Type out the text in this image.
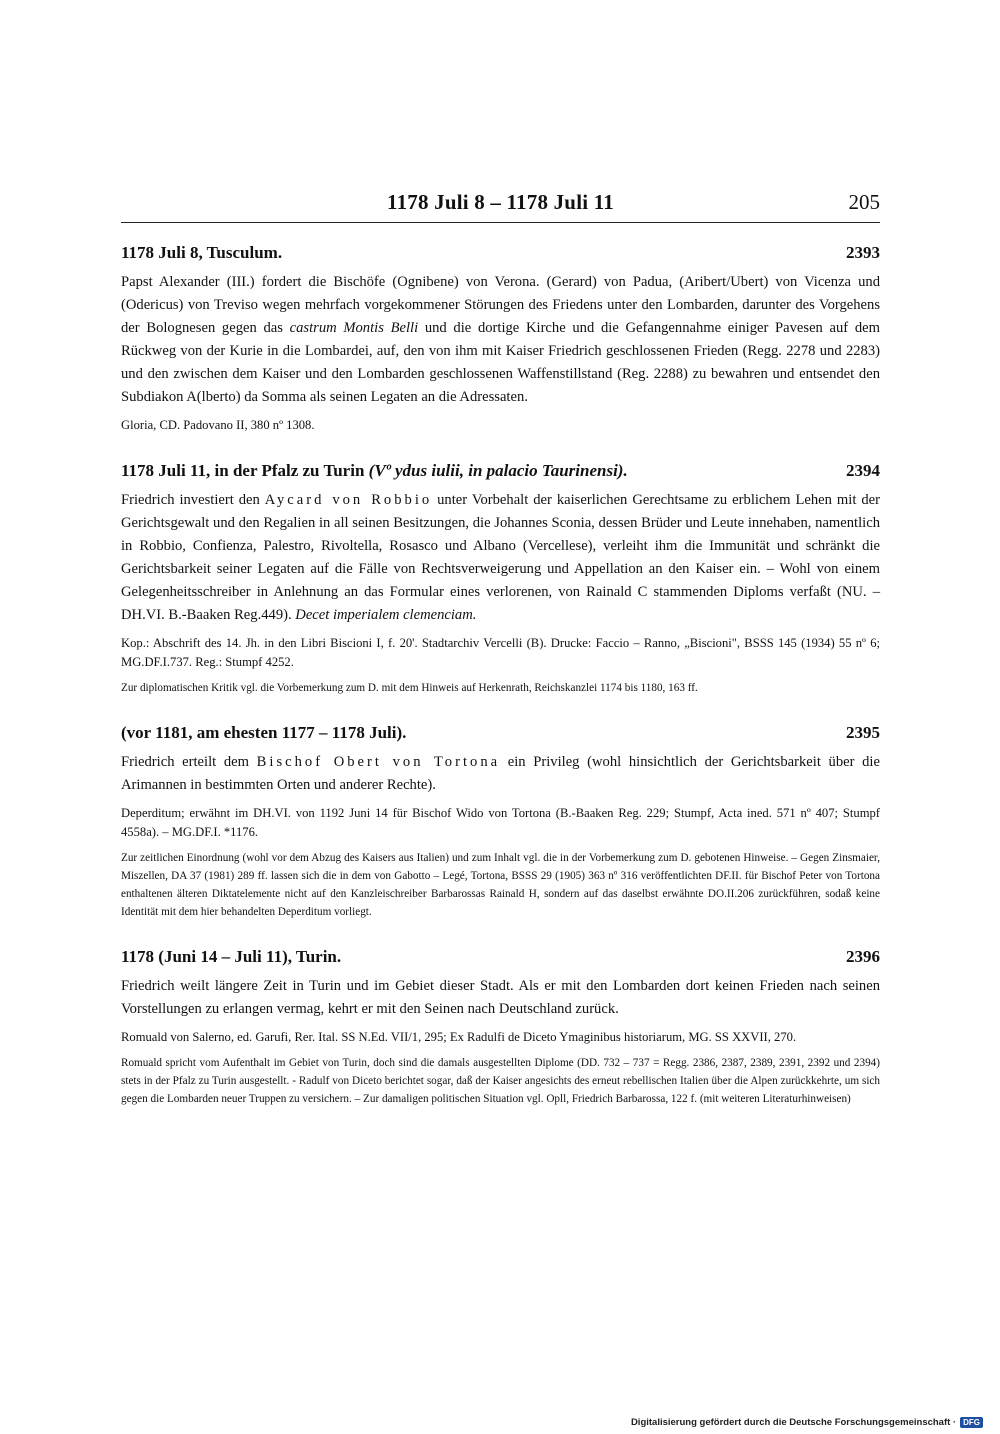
1178 Juli 8 – 1178 Juli 11	205
1178 Juli 8, Tusculum.	2393
Papst Alexander (III.) fordert die Bischöfe (Ognibene) von Verona. (Gerard) von Padua, (Aribert/Ubert) von Vicenza und (Odericus) von Treviso wegen mehrfach vorgekommener Störungen des Friedens unter den Lombarden, darunter des Vorgehens der Bolognesen gegen das castrum Montis Belli und die dortige Kirche und die Gefangennahme einiger Pavesen auf dem Rückweg von der Kurie in die Lombardei, auf, den von ihm mit Kaiser Friedrich geschlossenen Frieden (Regg. 2278 und 2283) und den zwischen dem Kaiser und den Lombarden geschlossenen Waffenstillstand (Reg. 2288) zu bewahren und entsendet den Subdiakon A(lberto) da Somma als seinen Legaten an die Adressaten.
Gloria, CD. Padovano II, 380 nº 1308.
1178 Juli 11, in der Pfalz zu Turin (Vº ydus iulii, in palacio Taurinensi).	2394
Friedrich investiert den Aycard von Robbio unter Vorbehalt der kaiserlichen Gerechtsame zu erblichem Lehen mit der Gerichtsgewalt und den Regalien in all seinen Besitzungen, die Johannes Sconia, dessen Brüder und Leute innehaben, namentlich in Robbio, Confienza, Palestro, Rivoltella, Rosasco und Albano (Vercellese), verleiht ihm die Immunität und schränkt die Gerichtsbarkeit seiner Legaten auf die Fälle von Rechtsverweigerung und Appellation an den Kaiser ein. – Wohl von einem Gelegenheitsschreiber in Anlehnung an das Formular eines verlorenen, von Rainald C stammenden Diploms verfaßt (NU. – DH.VI. B.-Baaken Reg.449). Decet imperialem clemenciam.
Kop.: Abschrift des 14. Jh. in den Libri Biscioni I, f. 20'. Stadtarchiv Vercelli (B). Drucke: Faccio – Ranno, „Biscioni", BSSS 145 (1934) 55 nº 6; MG.DF.I.737. Reg.: Stumpf 4252.
Zur diplomatischen Kritik vgl. die Vorbemerkung zum D. mit dem Hinweis auf Herkenrath, Reichskanzlei 1174 bis 1180, 163 ff.
(vor 1181, am ehesten 1177 – 1178 Juli).	2395
Friedrich erteilt dem Bischof Obert von Tortona ein Privileg (wohl hinsichtlich der Gerichtsbarkeit über die Arimannen in bestimmten Orten und anderer Rechte).
Deperditum; erwähnt im DH.VI. von 1192 Juni 14 für Bischof Wido von Tortona (B.-Baaken Reg. 229; Stumpf, Acta ined. 571 nº 407; Stumpf 4558a). – MG.DF.I. *1176.
Zur zeitlichen Einordnung (wohl vor dem Abzug des Kaisers aus Italien) und zum Inhalt vgl. die in der Vorbemerkung zum D. gebotenen Hinweise. – Gegen Zinsmaier, Miszellen, DA 37 (1981) 289 ff. lassen sich die in dem von Gabotto – Legé, Tortona, BSSS 29 (1905) 363 nº 316 veröffentlichten DF.II. für Bischof Peter von Tortona enthaltenen älteren Diktatelemente nicht auf den Kanzleischreiber Barbarossas Rainald H, sondern auf das daselbst erwähnte DO.II.206 zurückführen, sodaß keine Identität mit dem hier behandelten Deperditum vorliegt.
1178 (Juni 14 – Juli 11), Turin.	2396
Friedrich weilt längere Zeit in Turin und im Gebiet dieser Stadt. Als er mit den Lombarden dort keinen Frieden nach seinen Vorstellungen zu erlangen vermag, kehrt er mit den Seinen nach Deutschland zurück.
Romuald von Salerno, ed. Garufi, Rer. Ital. SS N.Ed. VII/1, 295; Ex Radulfi de Diceto Ymaginibus historiarum, MG. SS XXVII, 270.
Romuald spricht vom Aufenthalt im Gebiet von Turin, doch sind die damals ausgestellten Diplome (DD. 732 – 737 = Regg. 2386, 2387, 2389, 2391, 2392 und 2394) stets in der Pfalz zu Turin ausgestellt. - Radulf von Diceto berichtet sogar, daß der Kaiser angesichts des erneut rebellischen Italien über die Alpen zurückkehrte, um sich gegen die Lombarden neuer Truppen zu versichern. – Zur damaligen politischen Situation vgl. Opll, Friedrich Barbarossa, 122 f. (mit weiteren Literaturhinweisen)
Digitalisierung gefördert durch die Deutsche Forschungsgemeinschaft · DFG
